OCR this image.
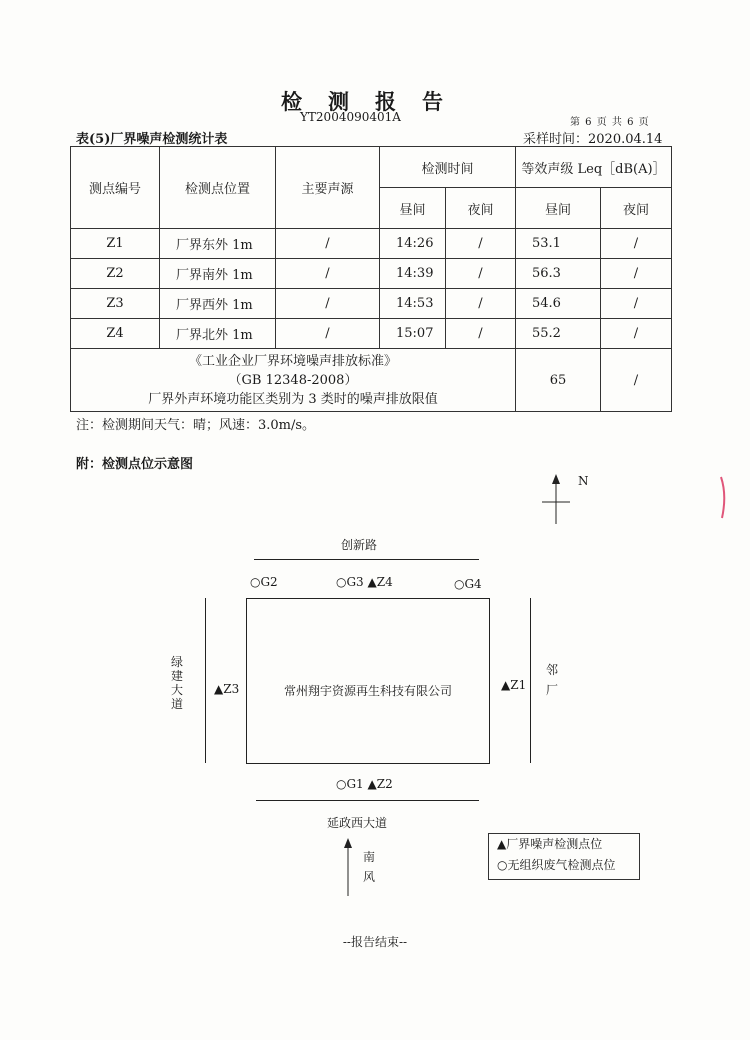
检测报告
YT2004090401A	第 6 页 共 6 页
表(5)厂界噪声检测统计表	采样时间：2020.04.14
测点编号	检测点位置	主要声源	检测时间		等效声级 Leq［dB(A)］	
			昼间	夜间	昼间	夜间
Z1	厂界东外 1m	/	14:26	/	53.1	/
Z2	厂界南外 1m	/	14:39	/	56.3	/
Z3	厂界西外 1m	/	14:53	/	54.6	/
Z4	厂界北外 1m	/	15:07	/	55.2	/

《工业企业厂界环境噪声排放标准》
（GB 12348-2008）
厂界外声环境功能区类别为 3 类时的噪声排放限值					65	/
注：检测期间天气：晴；风速：3.0m/s。
附：检测点位示意图
N
创新路
○G2	○G3 ▲Z4	○G4
绿建大道
▲Z3	常州翔宇资源再生科技有限公司	▲Z1
邻厂
○G1 ▲Z2
延政西大道
南风
▲厂界噪声检测点位
○无组织废气检测点位
--报告结束--
